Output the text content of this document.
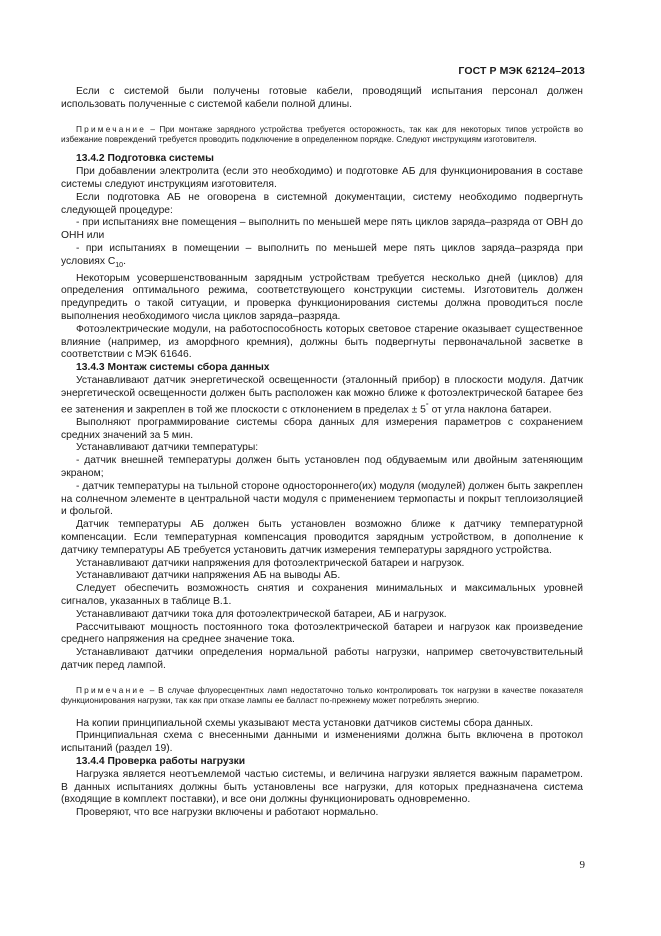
ГОСТ Р МЭК 62124–2013

Если с системой были получены готовые кабели, проводящий испытания персонал должен использовать полученные с системой кабели полной длины.

Примечание – При монтаже зарядного устройства требуется осторожность, так как для некоторых типов устройств во избежание повреждений требуется проводить подключение в определенном порядке. Следуют инструкциям изготовителя.

13.4.2 Подготовка системы

При добавлении электролита (если это необходимо) и подготовке АБ для функционирования в составе системы следуют инструкциям изготовителя.

Если подготовка АБ не оговорена в системной документации, систему необходимо подвергнуть следующей процедуре:

- при испытаниях вне помещения – выполнить по меньшей мере пять циклов заряда–разряда от ОВН до ОНН или

- при испытаниях в помещении – выполнить по меньшей мере пять циклов заряда–разряда при условиях $С_{10}$.

Некоторым усовершенствованным зарядным устройствам требуется несколько дней (циклов) для определения оптимального режима, соответствующего конструкции системы. Изготовитель должен предупредить о такой ситуации, и проверка функционирования системы должна проводиться после выполнения необходимого числа циклов заряда–разряда.

Фотоэлектрические модули, на работоспособность которых световое старение оказывает существенное влияние (например, из аморфного кремния), должны быть подвергнуты первоначальной засветке в соответствии с МЭК 61646.

13.4.3 Монтаж системы сбора данных

Устанавливают датчик энергетической освещенности (эталонный прибор) в плоскости модуля. Датчик энергетической освещенности должен быть расположен как можно ближе к фотоэлектрической батарее без ее затенения и закреплен в той же плоскости с отклонением в пределах ± 5° от угла наклона батареи.

Выполняют программирование системы сбора данных для измерения параметров с сохранением средних значений за 5 мин.

Устанавливают датчики температуры:

- датчик внешней температуры должен быть установлен под обдуваемым или двойным затеняющим экраном;

- датчик температуры на тыльной стороне одностороннего(их) модуля (модулей) должен быть закреплен на солнечном элементе в центральной части модуля с применением термопасты и покрыт теплоизоляцией и фольгой.

Датчик температуры АБ должен быть установлен возможно ближе к датчику температурной компенсации. Если температурная компенсация проводится зарядным устройством, в дополнение к датчику температуры АБ требуется установить датчик измерения температуры зарядного устройства.

Устанавливают датчики напряжения для фотоэлектрической батареи и нагрузок.

Устанавливают датчики напряжения АБ на выводы АБ.

Следует обеспечить возможность снятия и сохранения минимальных и максимальных уровней сигналов, указанных в таблице В.1.

Устанавливают датчики тока для фотоэлектрической батареи, АБ и нагрузок.

Рассчитывают мощность постоянного тока фотоэлектрической батареи и нагрузок как произведение среднего напряжения на среднее значение тока.

Устанавливают датчики определения нормальной работы нагрузки, например светочувствительный датчик перед лампой.

Примечание – В случае флуоресцентных ламп недостаточно только контролировать ток нагрузки в качестве показателя функционирования нагрузки, так как при отказе лампы ее балласт по-прежнему может потреблять энергию.

На копии принципиальной схемы указывают места установки датчиков системы сбора данных.

Принципиальная схема с внесенными данными и изменениями должна быть включена в протокол испытаний (раздел 19).

13.4.4 Проверка работы нагрузки

Нагрузка является неотъемлемой частью системы, и величина нагрузки является важным параметром. В данных испытаниях должны быть установлены все нагрузки, для которых предназначена система (входящие в комплект поставки), и все они должны функционировать одновременно.

Проверяют, что все нагрузки включены и работают нормально.

9
